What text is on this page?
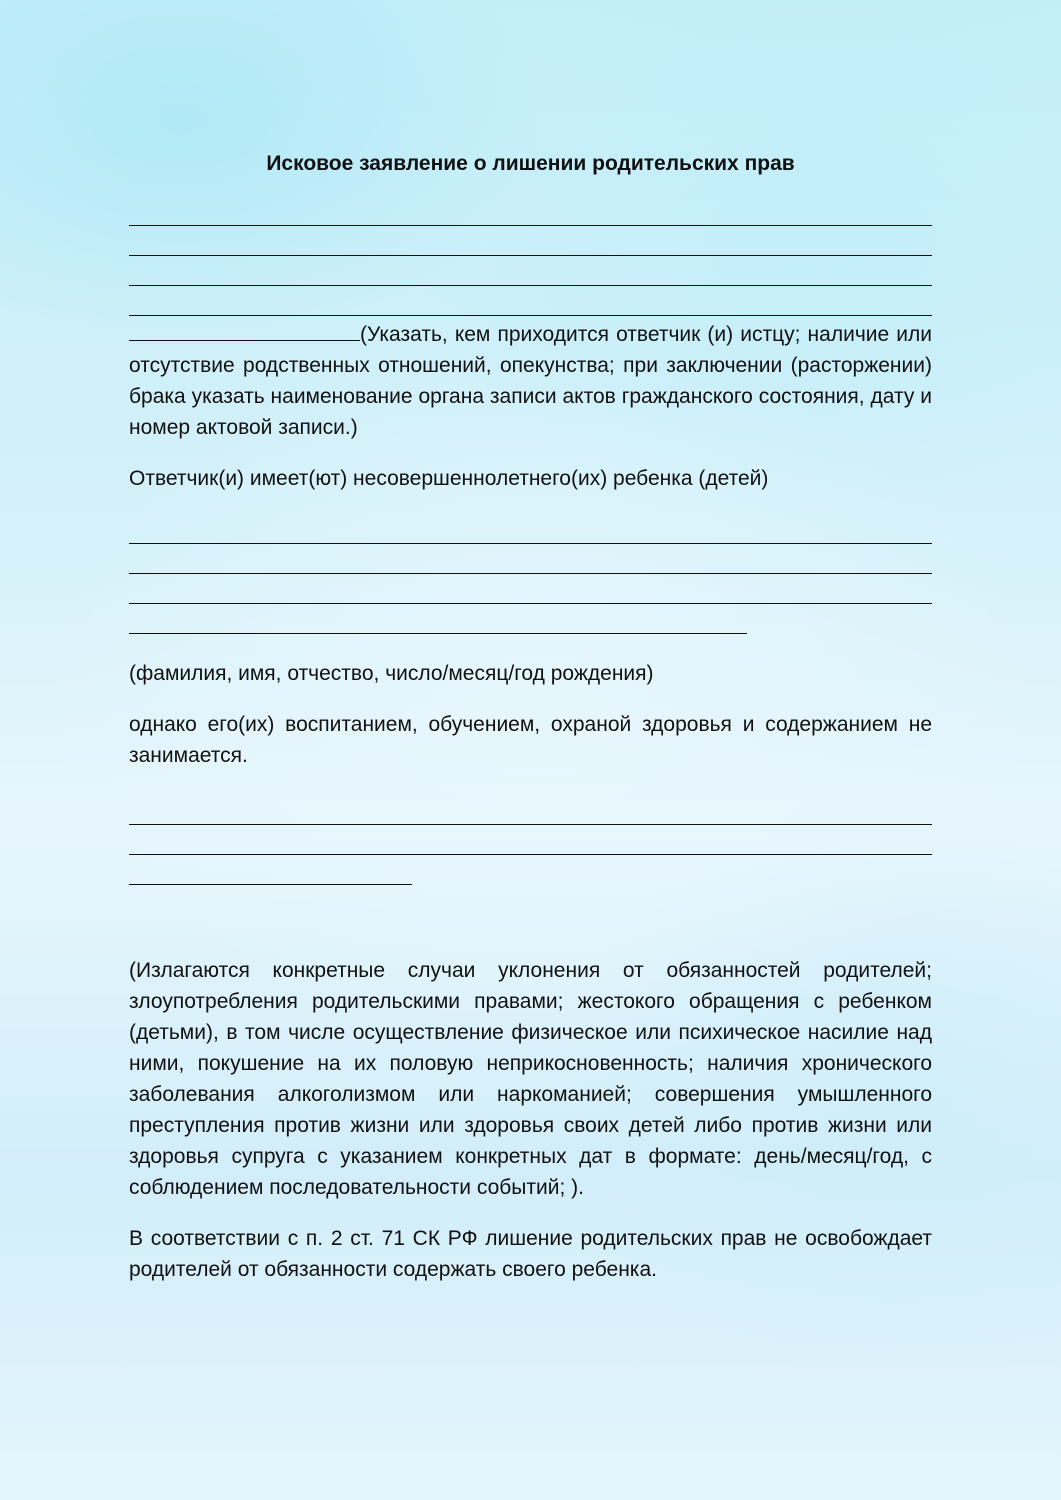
Исковое заявление о лишении родительских прав

(Указать, кем приходится ответчик (и) истцу; наличие или отсутствие родственных отношений, опекунства; при заключении (расторжении) брака указать наименование органа записи актов гражданского состояния, дату и номер актовой записи.)

Ответчик(и) имеет(ют) несовершеннолетнего(их) ребенка (детей)

(фамилия, имя, отчество, число/месяц/год рождения)

однако его(их) воспитанием, обучением, охраной здоровья и содержанием не занимается.

(Излагаются конкретные случаи уклонения от обязанностей родителей; злоупотребления родительскими правами; жестокого обращения с ребенком (детьми), в том числе осуществление физическое или психическое насилие над ними, покушение на их половую неприкосновенность; наличия хронического заболевания алкоголизмом или наркоманией; совершения умышленного преступления против жизни или здоровья своих детей либо против жизни или здоровья супруга с указанием конкретных дат в формате: день/месяц/год, с соблюдением последовательности событий; ).

В соответствии с п. 2 ст. 71 СК РФ лишение родительских прав не освобождает родителей от обязанности содержать своего ребенка.
